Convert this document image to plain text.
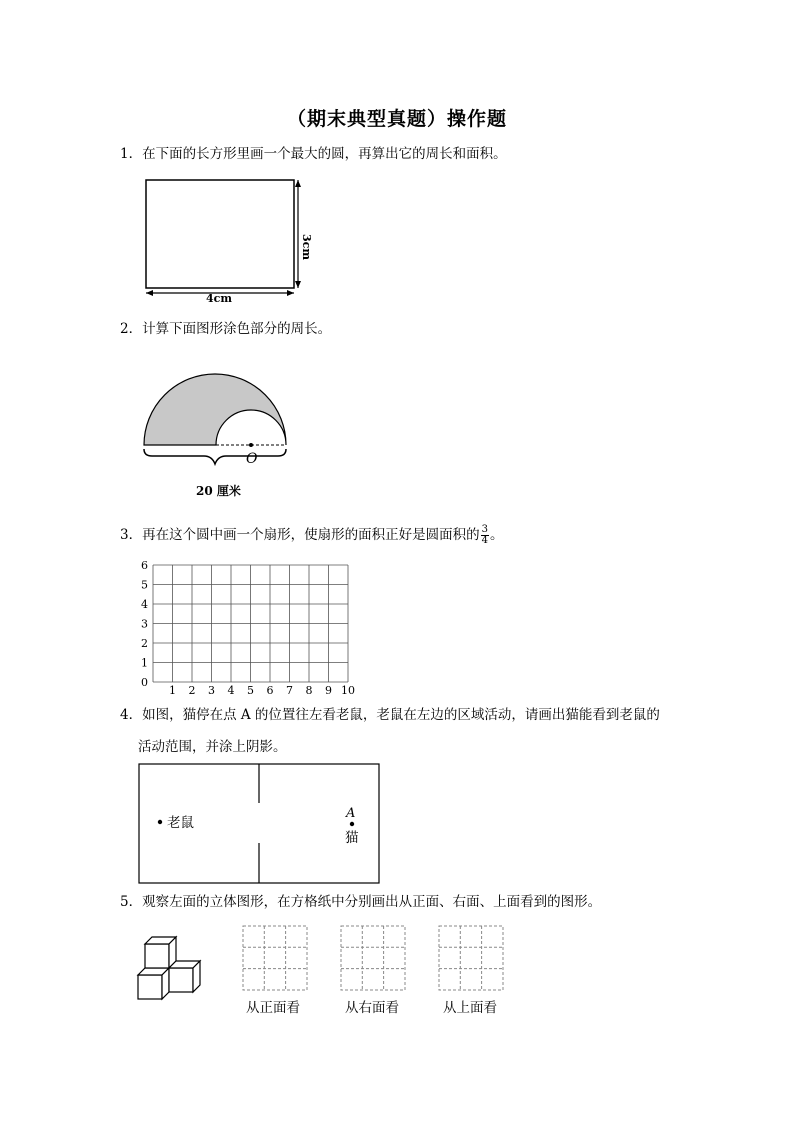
（期末典型真题）操作题
1．在下面的长方形里画一个最大的圆，再算出它的周长和面积。
3cm
4cm
2．计算下面图形涂色部分的周长。
O
20 厘米
3．再在这个圆中画一个扇形，使扇形的面积正好是圆面积的 $\frac{3}{4}$ 。
1 2 3 4 5 6 7 8 9 10
0
1
2
3
4
5
6
4．如图，猫停在点 A 的位置往左看老鼠，老鼠在左边的区域活动，请画出猫能看到老鼠的
活动范围，并涂上阴影。
老鼠
A
猫
5．观察左面的立体图形，在方格纸中分别画出从正面、右面、上面看到的图形。
从正面看	从右面看	从上面看
